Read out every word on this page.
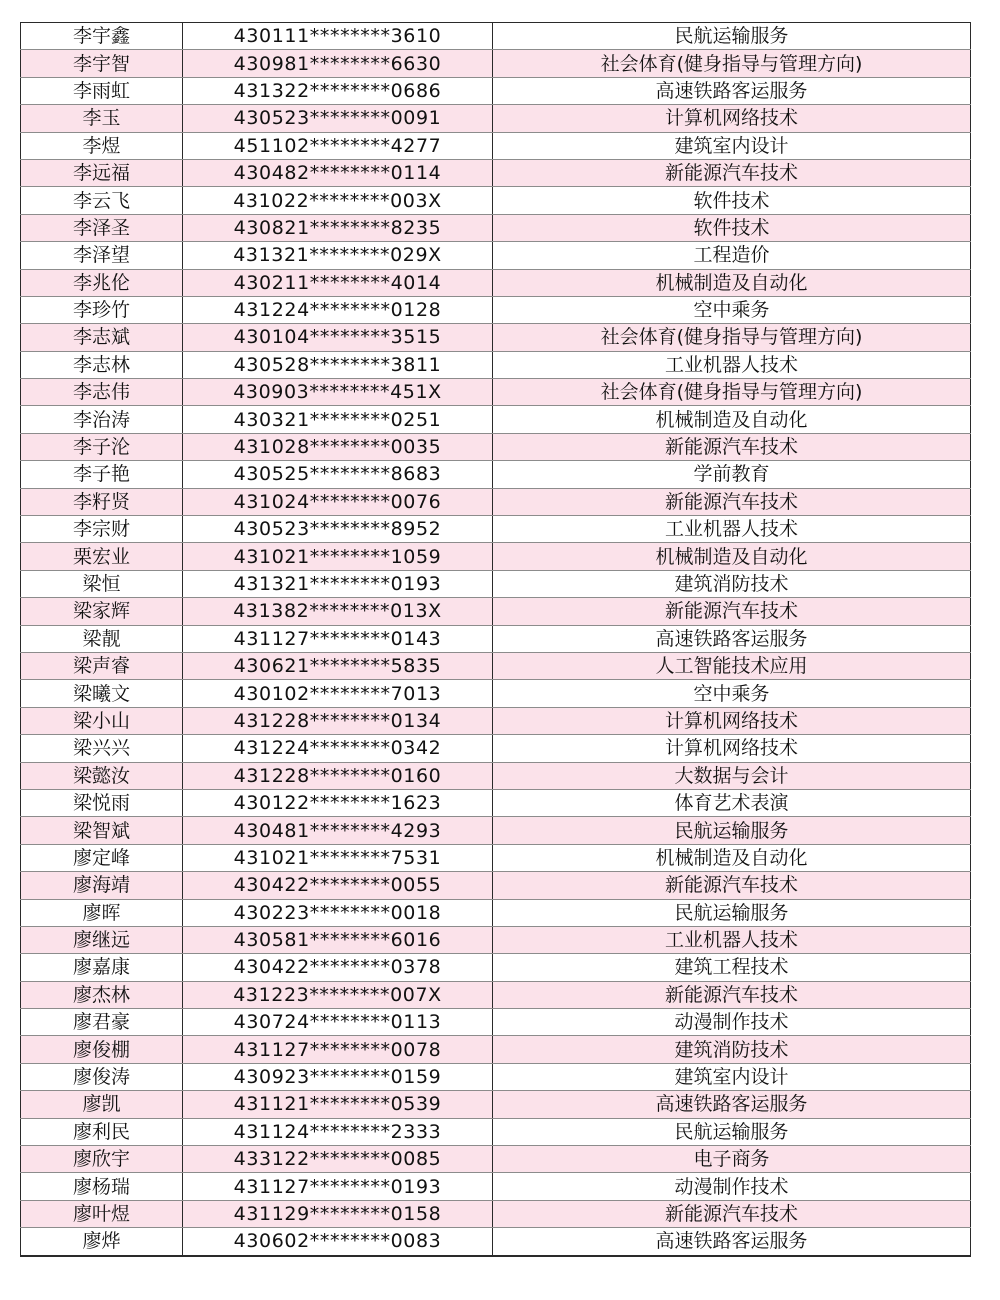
李宇鑫	430111********3610	民航运输服务
李宇智	430981********6630	社会体育(健身指导与管理方向)
李雨虹	431322********0686	高速铁路客运服务
李玉	430523********0091	计算机网络技术
李煜	451102********4277	建筑室内设计
李远福	430482********0114	新能源汽车技术
李云飞	431022********003X	软件技术
李泽圣	430821********8235	软件技术
李泽望	431321********029X	工程造价
李兆伦	430211********4014	机械制造及自动化
李珍竹	431224********0128	空中乘务
李志斌	430104********3515	社会体育(健身指导与管理方向)
李志林	430528********3811	工业机器人技术
李志伟	430903********451X	社会体育(健身指导与管理方向)
李治涛	430321********0251	机械制造及自动化
李子沦	431028********0035	新能源汽车技术
李子艳	430525********8683	学前教育
李籽贤	431024********0076	新能源汽车技术
李宗财	430523********8952	工业机器人技术
栗宏业	431021********1059	机械制造及自动化
梁恒	431321********0193	建筑消防技术
梁家辉	431382********013X	新能源汽车技术
梁靓	431127********0143	高速铁路客运服务
梁声睿	430621********5835	人工智能技术应用
梁曦文	430102********7013	空中乘务
梁小山	431228********0134	计算机网络技术
梁兴兴	431224********0342	计算机网络技术
梁懿汝	431228********0160	大数据与会计
梁悦雨	430122********1623	体育艺术表演
梁智斌	430481********4293	民航运输服务
廖定峰	431021********7531	机械制造及自动化
廖海靖	430422********0055	新能源汽车技术
廖晖	430223********0018	民航运输服务
廖继远	430581********6016	工业机器人技术
廖嘉康	430422********0378	建筑工程技术
廖杰林	431223********007X	新能源汽车技术
廖君豪	430724********0113	动漫制作技术
廖俊棚	431127********0078	建筑消防技术
廖俊涛	430923********0159	建筑室内设计
廖凯	431121********0539	高速铁路客运服务
廖利民	431124********2333	民航运输服务
廖欣宇	433122********0085	电子商务
廖杨瑞	431127********0193	动漫制作技术
廖叶煜	431129********0158	新能源汽车技术
廖烨	430602********0083	高速铁路客运服务
